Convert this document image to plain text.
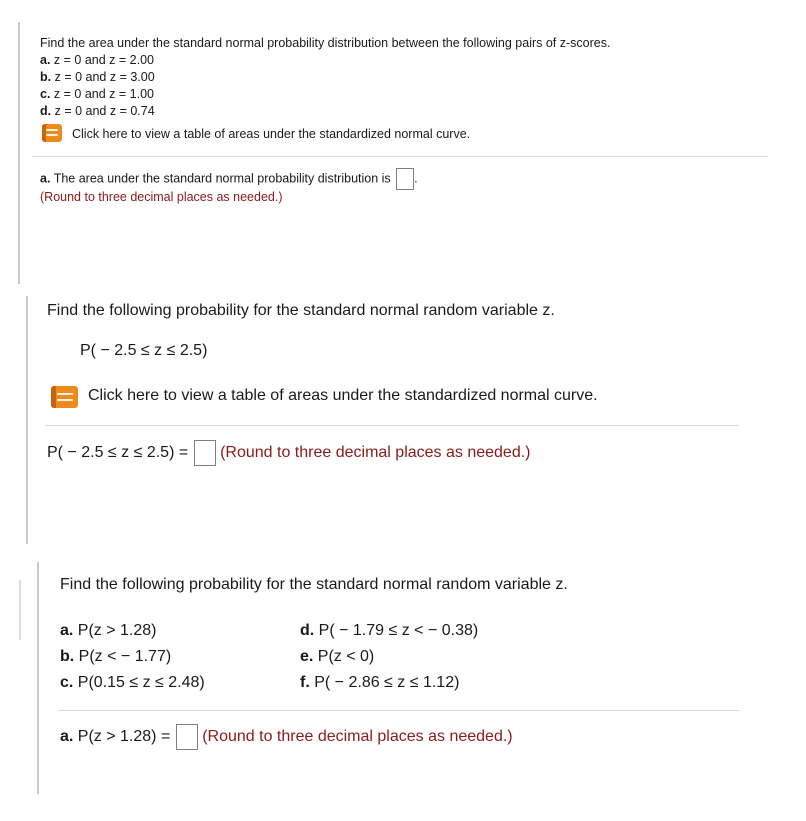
Find the area under the standard normal probability distribution between the following pairs of z-scores.
a. z = 0 and z = 2.00
b. z = 0 and z = 3.00
c. z = 0 and z = 1.00
d. z = 0 and z = 0.74
Click here to view a table of areas under the standardized normal curve.
a. The area under the standard normal probability distribution is .
(Round to three decimal places as needed.)
Find the following probability for the standard normal random variable z.
P( − 2.5 ≤ z ≤ 2.5)
Click here to view a table of areas under the standardized normal curve.
P( − 2.5 ≤ z ≤ 2.5) = (Round to three decimal places as needed.)
Find the following probability for the standard normal random variable z.
a. P(z > 1.28)
b. P(z < − 1.77)
c. P(0.15 ≤ z ≤ 2.48)
d. P( − 1.79 ≤ z < − 0.38)
e. P(z < 0)
f. P( − 2.86 ≤ z ≤ 1.12)
a. P(z > 1.28) = (Round to three decimal places as needed.)
